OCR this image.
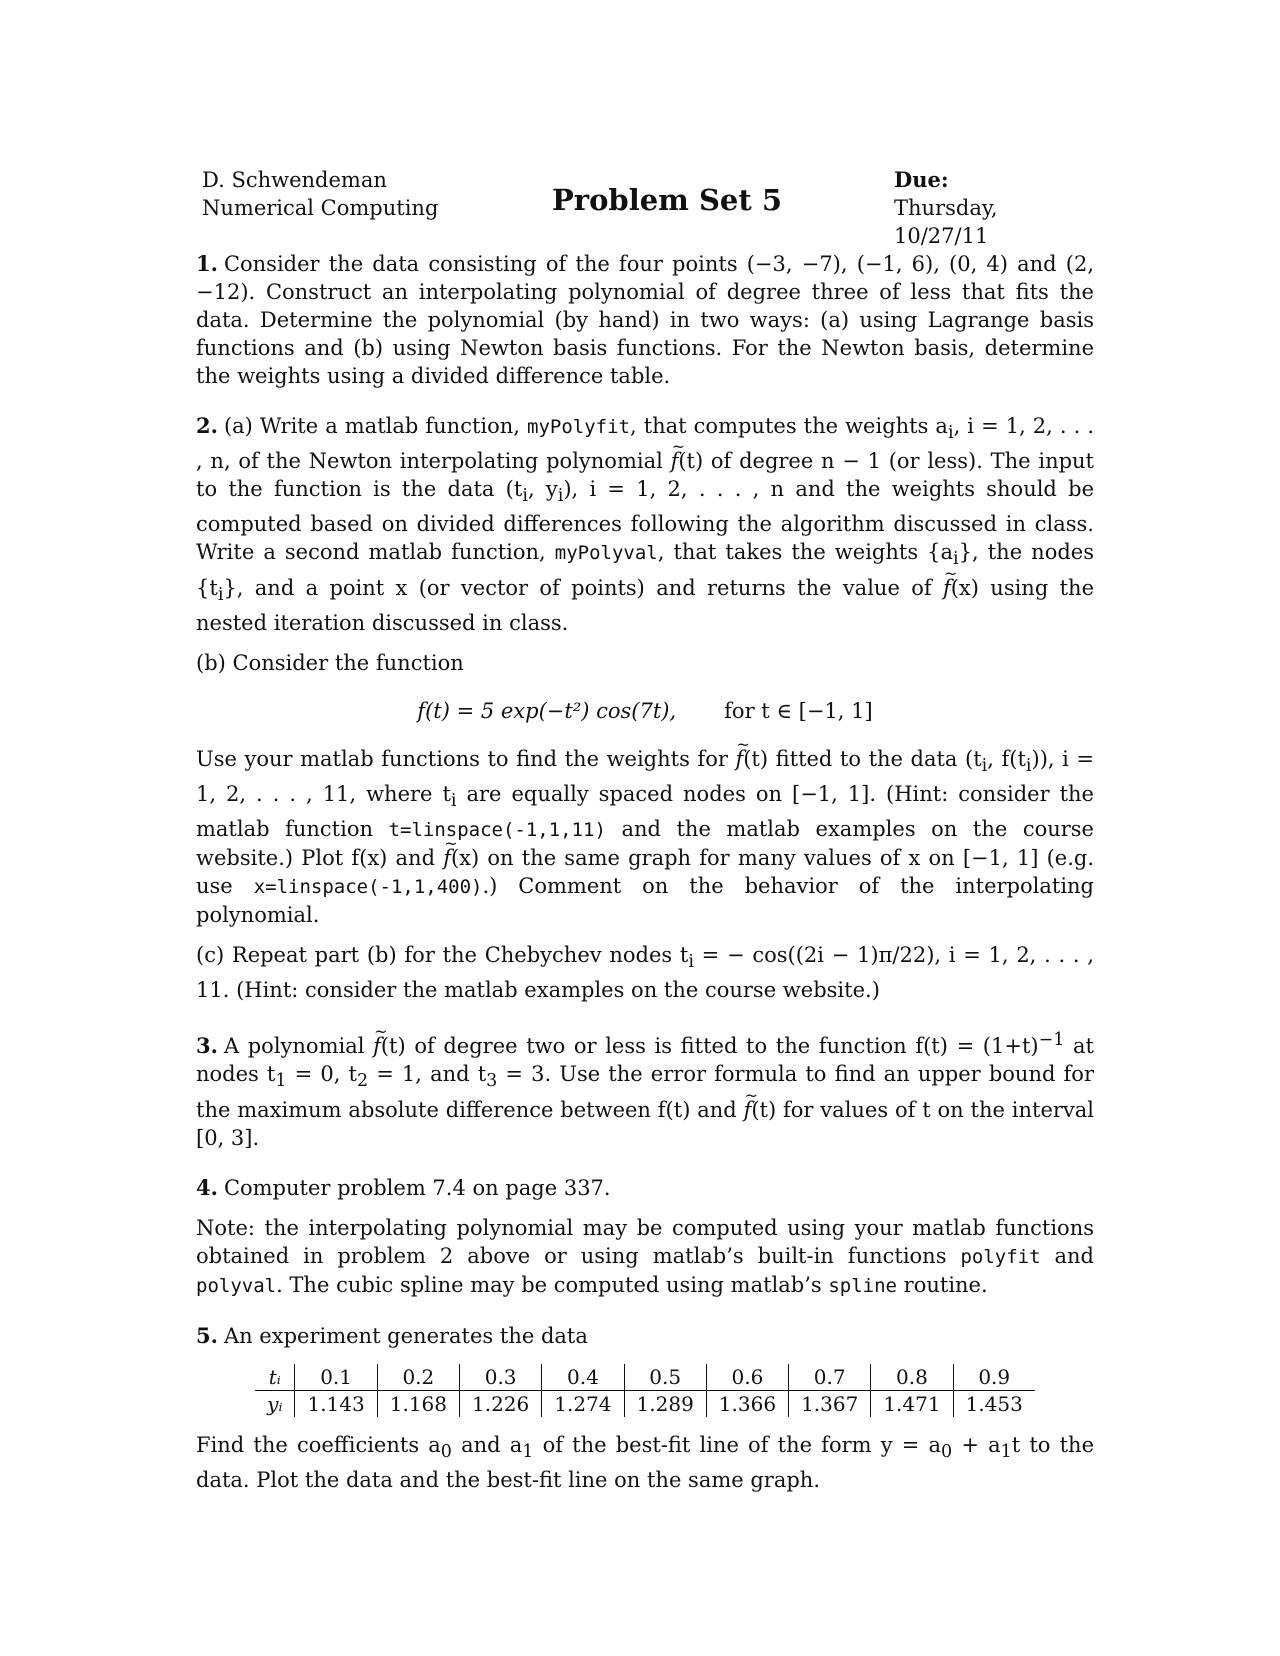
D. Schwendeman
Numerical Computing	Problem Set 5
Due:
Thursday, 10/27/11

1. Consider the data consisting of the four points (−3, −7), (−1, 6), (0, 4) and (2, −12). Construct an interpolating polynomial of degree three of less that fits the data. Determine the polynomial (by hand) in two ways: (a) using Lagrange basis functions and (b) using Newton basis functions. For the Newton basis, determine the weights using a divided difference table.

2. (a) Write a matlab function, myPolyfit, that computes the weights $a_i$, i = 1, 2, . . . , n, of the Newton interpolating polynomial ~ f(t) of degree n − 1 (or less). The input to the function is the data ($t_i$, $y_i$), i = 1, 2, . . . , n and the weights should be computed based on divided differences following the algorithm discussed in class. Write a second matlab function, myPolyval, that takes the weights $\{a_i\}$, the nodes $\{t_i\}$, and a point x (or vector of points) and returns the value of ~ f(x) using the nested iteration discussed in class.

(b) Consider the function

f(t) = 5 exp(−t²) cos(7t), for t ∈ [−1, 1]

Use your matlab functions to find the weights for ~ f(t) fitted to the data ($t_i$, $f(t_i)$), i = 1, 2, . . . , 11, where $t_i$ are equally spaced nodes on [−1, 1]. (Hint: consider the matlab function t=linspace(-1,1,11) and the matlab examples on the course website.) Plot f(x) and ~ f(x) on the same graph for many values of x on [−1, 1] (e.g. use x=linspace(-1,1,400).) Comment on the behavior of the interpolating polynomial.

(c) Repeat part (b) for the Chebychev nodes $t_i$ = − cos((2i − 1)π/22), i = 1, 2, . . . , 11. (Hint: consider the matlab examples on the course website.)

3. A polynomial ~ f(t) of degree two or less is fitted to the function $f(t) = (1+t)^{-1}$ at nodes $t_1 = 0$, $t_2 = 1$, and $t_3 = 3$. Use the error formula to find an upper bound for the maximum absolute difference between f(t) and ~ f(t) for values of t on the interval [0, 3].

4. Computer problem 7.4 on page 337.

Note: the interpolating polynomial may be computed using your matlab functions obtained in problem 2 above or using matlab’s built-in functions polyfit and polyval. The cubic spline may be computed using matlab’s spline routine.

5. An experiment generates the data

tᵢ	0.1	0.2	0.3	0.4	0.5	0.6	0.7	0.8	0.9
yᵢ	1.143	1.168	1.226	1.274	1.289	1.366	1.367	1.471	1.453

Find the coefficients $a_0$ and $a_1$ of the best-fit line of the form $y = a_0 + a_1t$ to the data. Plot the data and the best-fit line on the same graph.
